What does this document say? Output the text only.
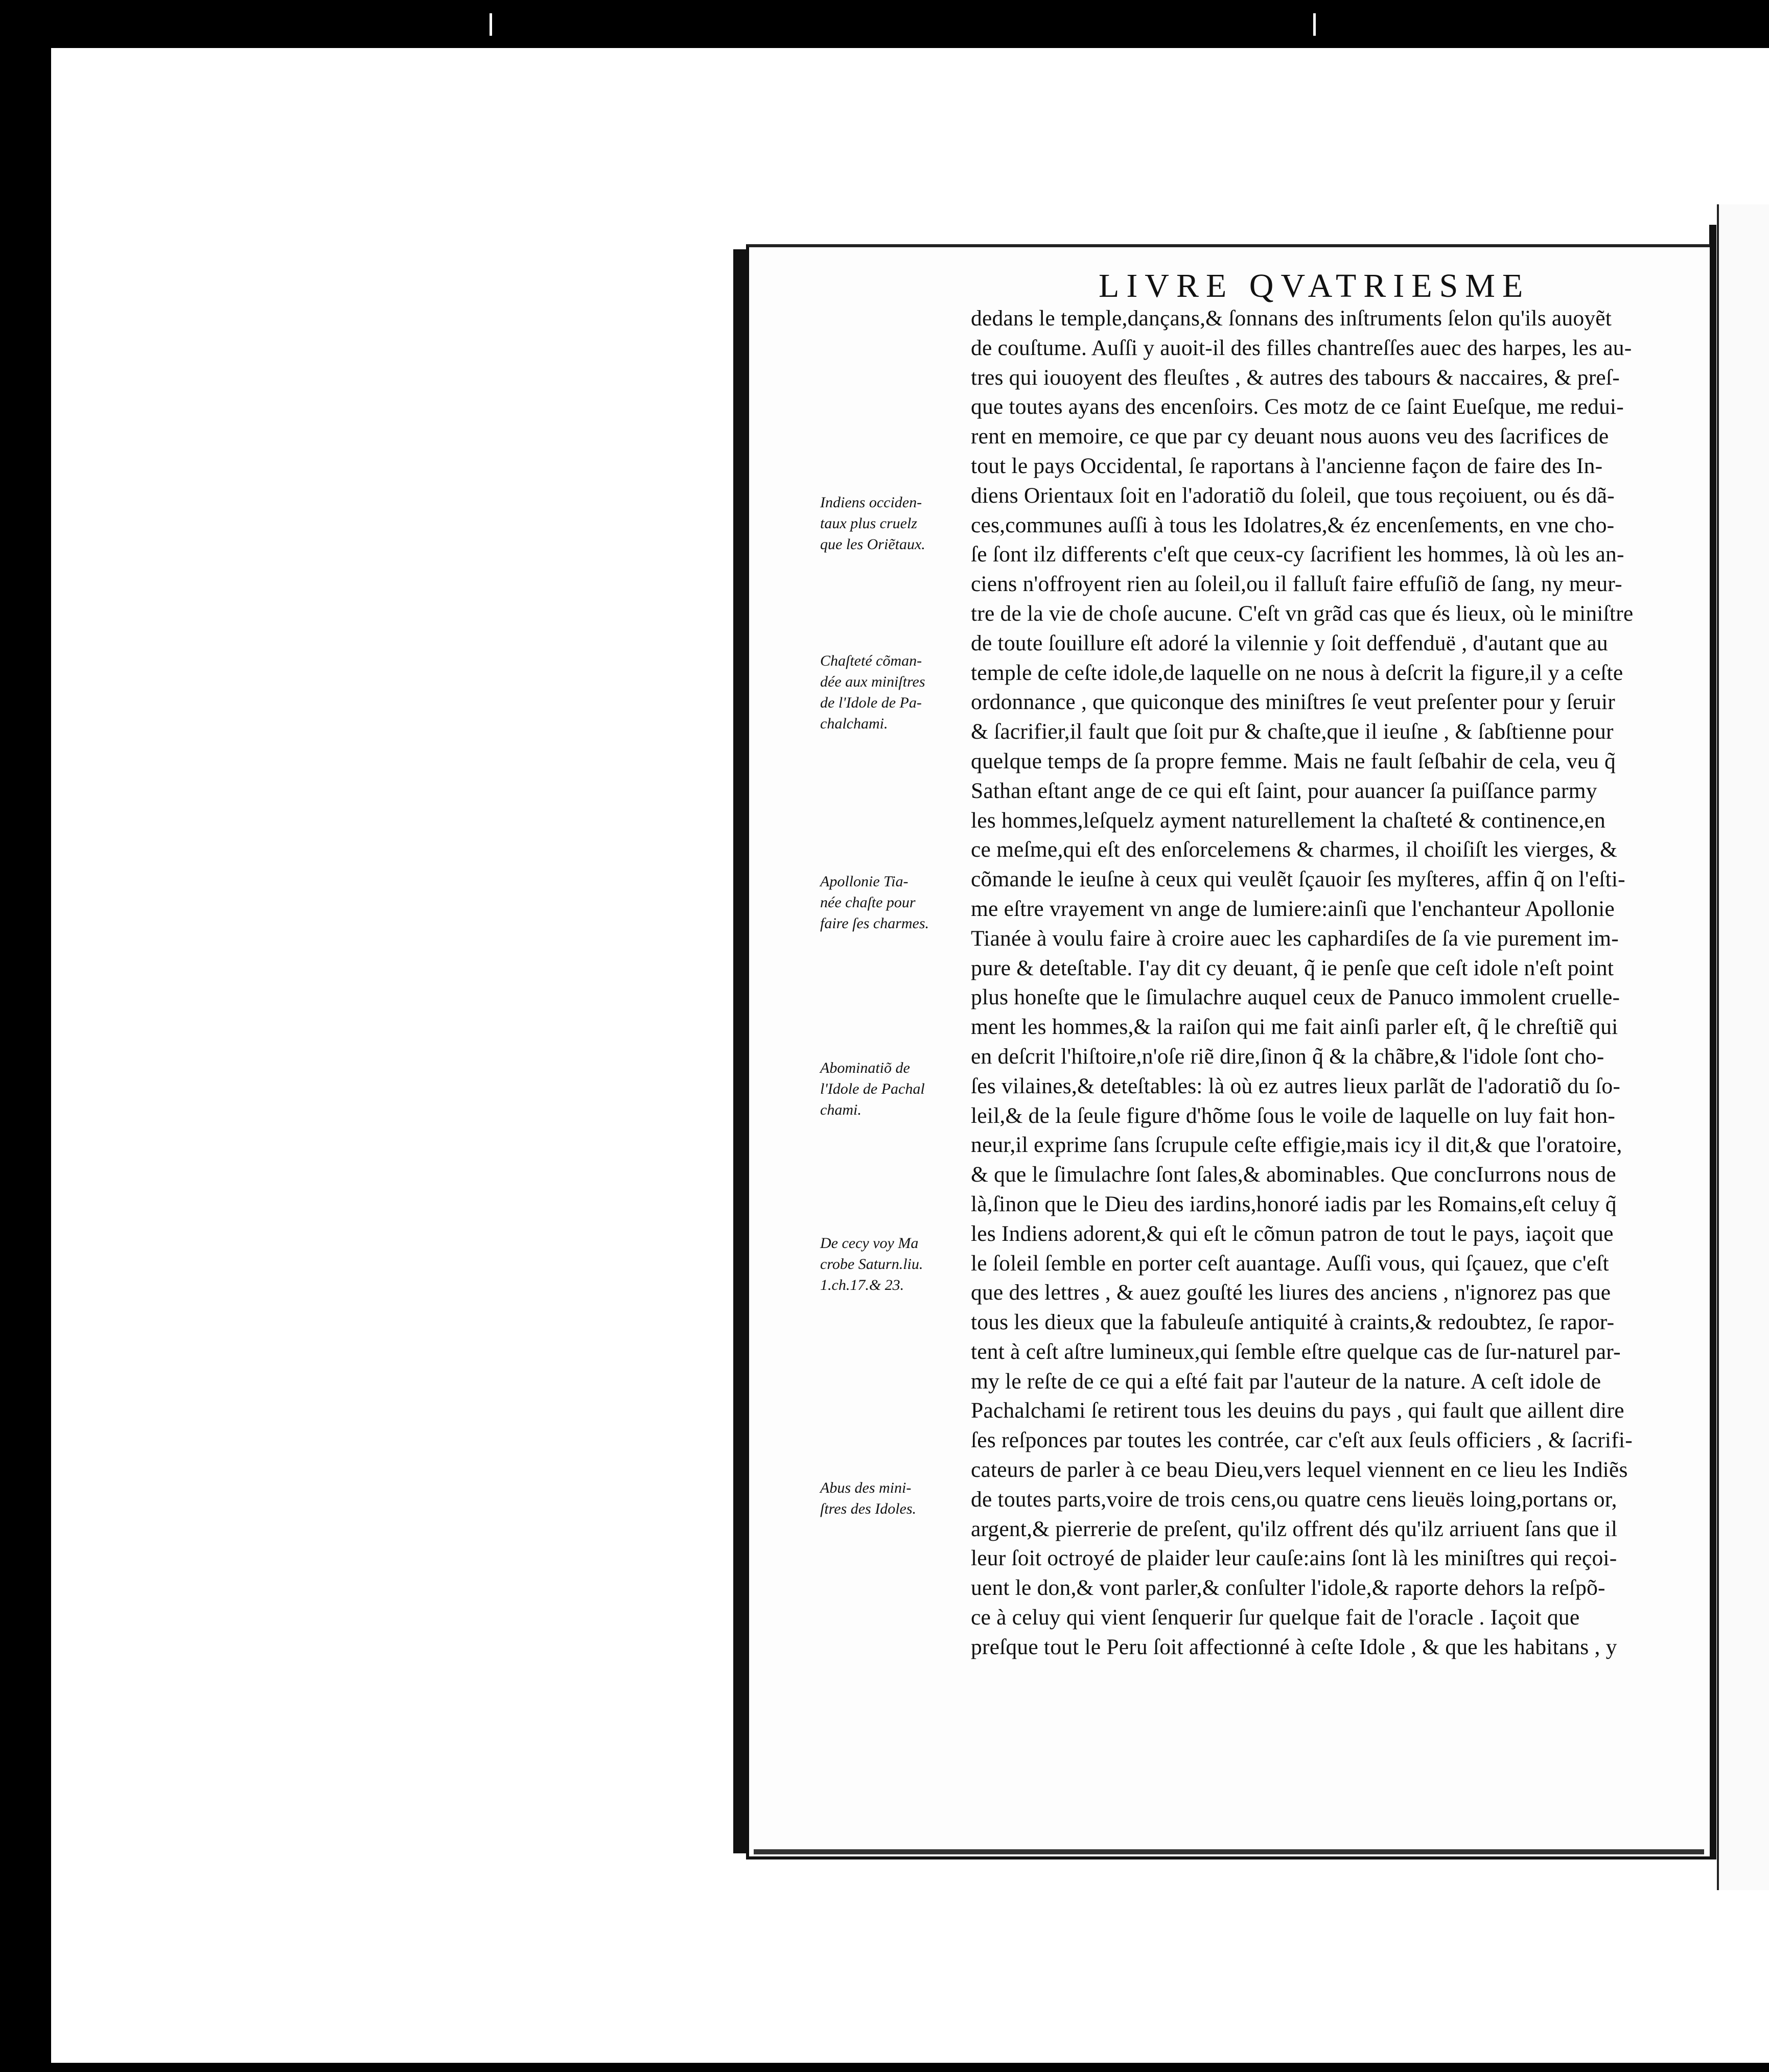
LIVRE QVATRIESME
dedans le temple,dançans,& ſonnans des inſtruments ſelon qu'ils auoyẽt
de couſtume. Auſſi y auoit-il des filles chantreſſes auec des harpes, les au-
tres qui iouoyent des fleuſtes , & autres des tabours & naccaires, & preſ-
que toutes ayans des encenſoirs. Ces motz de ce ſaint Eueſque, me redui-
rent en memoire, ce que par cy deuant nous auons veu des ſacrifices de
tout le pays Occidental, ſe raportans à l'ancienne façon de faire des In-
diens Orientaux ſoit en l'adoratiõ du ſoleil, que tous reçoiuent, ou és dã-
ces,communes auſſi à tous les Idolatres,& éz encenſements, en vne cho-
ſe ſont ilz differents c'eſt que ceux-cy ſacrifient les hommes, là où les an-
ciens n'offroyent rien au ſoleil,ou il falluſt faire effuſiõ de ſang, ny meur-
tre de la vie de choſe aucune. C'eſt vn grãd cas que és lieux, où le miniſtre
de toute ſouillure eſt adoré la vilennie y ſoit deffenduë , d'autant que au
temple de ceſte idole,de laquelle on ne nous à deſcrit la figure,il y a ceſte
ordonnance , que quiconque des miniſtres ſe veut preſenter pour y ſeruir
& ſacrifier,il fault que ſoit pur & chaſte,que il ieuſne , & ſabſtienne pour
quelque temps de ſa propre femme. Mais ne fault ſeſbahir de cela, veu q̃
Sathan eſtant ange de ce qui eſt ſaint, pour auancer ſa puiſſance parmy
les hommes,leſquelz ayment naturellement la chaſteté & continence,en
ce meſme,qui eſt des enſorcelemens & charmes, il choiſiſt les vierges, &
cõmande le ieuſne à ceux qui veulẽt ſçauoir ſes myſteres, affin q̃ on l'eſti-
me eſtre vrayement vn ange de lumiere:ainſi que l'enchanteur Apollonie
Tianée à voulu faire à croire auec les caphardiſes de ſa vie purement im-
pure & deteſtable. I'ay dit cy deuant, q̃ ie penſe que ceſt idole n'eſt point
plus honeſte que le ſimulachre auquel ceux de Panuco immolent cruelle-
ment les hommes,& la raiſon qui me fait ainſi parler eſt, q̃ le chreſtiẽ qui
en deſcrit l'hiſtoire,n'oſe riẽ dire,ſinon q̃ & la chãbre,& l'idole ſont cho-
ſes vilaines,& deteſtables: là où ez autres lieux parlãt de l'adoratiõ du ſo-
leil,& de la ſeule figure d'hõme ſous le voile de laquelle on luy fait hon-
neur,il exprime ſans ſcrupule ceſte effigie,mais icy il dit,& que l'oratoire,
& que le ſimulachre ſont ſales,& abominables. Que concIurrons nous de
là,ſinon que le Dieu des iardins,honoré iadis par les Romains,eſt celuy q̃
les Indiens adorent,& qui eſt le cõmun patron de tout le pays, iaçoit que
le ſoleil ſemble en porter ceſt auantage. Auſſi vous, qui ſçauez, que c'eſt
que des lettres , & auez gouſté les liures des anciens , n'ignorez pas que
tous les dieux que la fabuleuſe antiquité à craints,& redoubtez, ſe rapor-
tent à ceſt aſtre lumineux,qui ſemble eſtre quelque cas de ſur-naturel par-
my le reſte de ce qui a eſté fait par l'auteur de la nature. A ceſt idole de
Pachalchami ſe retirent tous les deuins du pays , qui fault que aillent dire
ſes reſponces par toutes les contrée, car c'eſt aux ſeuls officiers , & ſacrifi-
cateurs de parler à ce beau Dieu,vers lequel viennent en ce lieu les Indiẽs
de toutes parts,voire de trois cens,ou quatre cens lieuës loing,portans or,
argent,& pierrerie de preſent, qu'ilz offrent dés qu'ilz arriuent ſans que il
leur ſoit octroyé de plaider leur cauſe:ains ſont là les miniſtres qui reçoi-
uent le don,& vont parler,& conſulter l'idole,& raporte dehors la reſpõ-
ce à celuy qui vient ſenquerir ſur quelque fait de l'oracle . Iaçoit que
preſque tout le Peru ſoit affectionné à ceſte Idole , & que les habitans , y
Indiens occiden-
taux plus cruelz
que les Oriẽtaux.
Chaſteté cõman-
dée aux miniſtres
de l'Idole de Pa-
chalchami.
Apollonie Tia-
née chaſte pour
faire ſes charmes.
Abominatiõ de
l'Idole de Pachal
chami.
De cecy voy Ma
crobe Saturn.liu.
1.ch.17.& 23.
Abus des mini-
ſtres des Idoles.
